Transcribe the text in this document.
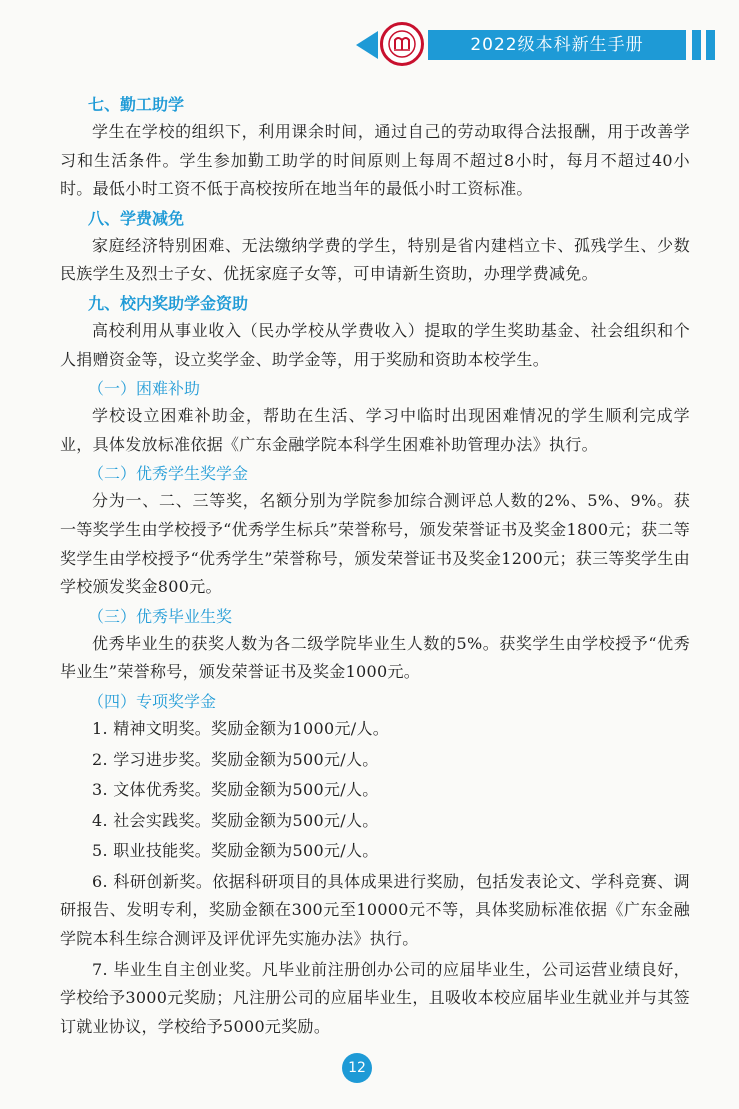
2022级本科新生手册

七、勤工助学

学生在学校的组织下，利用课余时间，通过自己的劳动取得合法报酬，用于改善学习和生活条件。学生参加勤工助学的时间原则上每周不超过8小时，每月不超过40小时。最低小时工资不低于高校按所在地当年的最低小时工资标准。

八、学费减免

家庭经济特别困难、无法缴纳学费的学生，特别是省内建档立卡、孤残学生、少数民族学生及烈士子女、优抚家庭子女等，可申请新生资助，办理学费减免。

九、校内奖助学金资助

高校利用从事业收入（民办学校从学费收入）提取的学生奖助基金、社会组织和个人捐赠资金等，设立奖学金、助学金等，用于奖励和资助本校学生。

（一）困难补助

学校设立困难补助金，帮助在生活、学习中临时出现困难情况的学生顺利完成学业，具体发放标准依据《广东金融学院本科学生困难补助管理办法》执行。

（二）优秀学生奖学金

分为一、二、三等奖，名额分别为学院参加综合测评总人数的2%、5%、9%。获一等奖学生由学校授予“优秀学生标兵”荣誉称号，颁发荣誉证书及奖金1800元；获二等奖学生由学校授予“优秀学生”荣誉称号，颁发荣誉证书及奖金1200元；获三等奖学生由学校颁发奖金800元。

（三）优秀毕业生奖

优秀毕业生的获奖人数为各二级学院毕业生人数的5%。获奖学生由学校授予“优秀毕业生”荣誉称号，颁发荣誉证书及奖金1000元。

（四）专项奖学金

1. 精神文明奖。奖励金额为1000元/人。

2. 学习进步奖。奖励金额为500元/人。

3. 文体优秀奖。奖励金额为500元/人。

4. 社会实践奖。奖励金额为500元/人。

5. 职业技能奖。奖励金额为500元/人。

6. 科研创新奖。依据科研项目的具体成果进行奖励，包括发表论文、学科竞赛、调研报告、发明专利，奖励金额在300元至10000元不等，具体奖励标准依据《广东金融学院本科生综合测评及评优评先实施办法》执行。

7. 毕业生自主创业奖。凡毕业前注册创办公司的应届毕业生，公司运营业绩良好，学校给予3000元奖励；凡注册公司的应届毕业生，且吸收本校应届毕业生就业并与其签订就业协议，学校给予5000元奖励。

12
